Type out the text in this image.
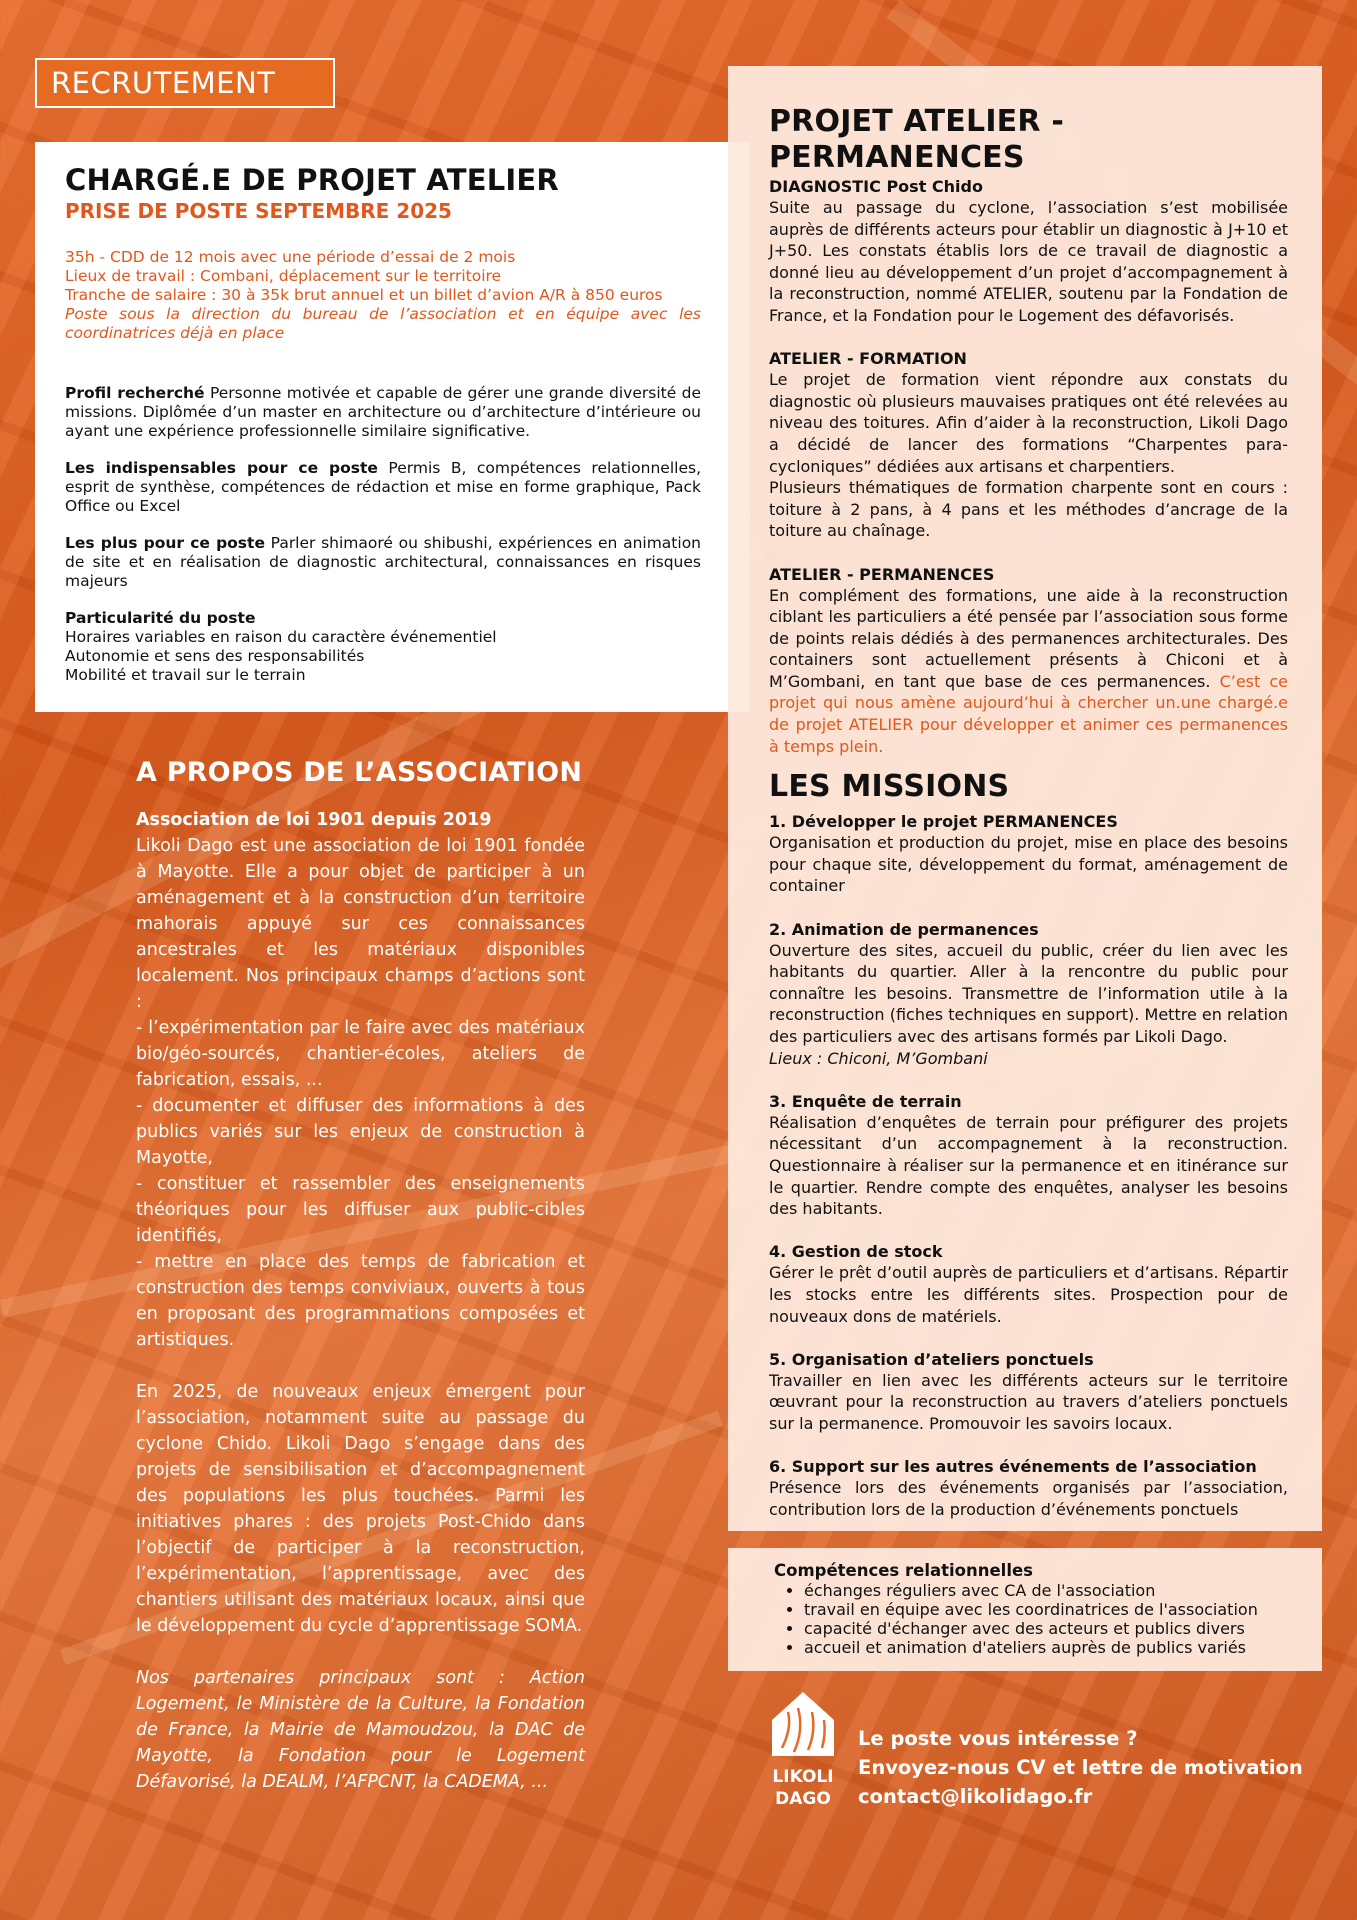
RECRUTEMENT
CHARGÉ.E DE PROJET ATELIER
PRISE DE POSTE SEPTEMBRE 2025
35h - CDD de 12 mois avec une période d’essai de 2 mois
Lieux de travail : Combani, déplacement sur le territoire
Tranche de salaire : 30 à 35k brut annuel et un billet d’avion A/R à 850 euros
Poste sous la direction du bureau de l’association et en équipe avec les coordinatrices déjà en place
Profil recherché Personne motivée et capable de gérer une grande diversité de missions. Diplômée d’un master en architecture ou d’architecture d’intérieure ou ayant une expérience professionnelle similaire significative.
Les indispensables pour ce poste Permis B, compétences relationnelles, esprit de synthèse, compétences de rédaction et mise en forme graphique, Pack Office ou Excel
Les plus pour ce poste Parler shimaoré ou shibushi, expériences en animation de site et en réalisation de diagnostic architectural, connaissances en risques majeurs
Particularité du poste
Horaires variables en raison du caractère événementiel
Autonomie et sens des responsabilités
Mobilité et travail sur le terrain
A PROPOS DE L’ASSOCIATION
Association de loi 1901 depuis 2019

Likoli Dago est une association de loi 1901 fondée à Mayotte. Elle a pour objet de participer à un aménagement et à la construction d’un territoire mahorais appuyé sur ces connaissances ancestrales et les matériaux disponibles localement. Nos principaux champs d’actions sont :

- l’expérimentation par le faire avec des matériaux bio/géo-sourcés, chantier-écoles, ateliers de fabrication, essais, ...

- documenter et diffuser des informations à des publics variés sur les enjeux de construction à Mayotte,

- constituer et rassembler des enseignements théoriques pour les diffuser aux public-cibles identifiés,

- mettre en place des temps de fabrication et construction des temps conviviaux, ouverts à tous en proposant des programmations composées et artistiques.

En 2025, de nouveaux enjeux émergent pour l’association, notamment suite au passage du cyclone Chido. Likoli Dago s’engage dans des projets de sensibilisation et d’accompagnement des populations les plus touchées. Parmi les initiatives phares : des projets Post-Chido dans l’objectif de participer à la reconstruction, l’expérimentation, l’apprentissage, avec des chantiers utilisant des matériaux locaux, ainsi que le développement du cycle d’apprentissage SOMA.

Nos partenaires principaux sont : Action Logement, le Ministère de la Culture, la Fondation de France, la Mairie de Mamoudzou, la DAC de Mayotte, la Fondation pour le Logement Défavorisé, la DEALM, l’AFPCNT, la CADEMA, ...

PROJET ATELIER - PERMANENCES
DIAGNOSTIC Post Chido
Suite au passage du cyclone, l’association s’est mobilisée auprès de différents acteurs pour établir un diagnostic à J+10 et J+50. Les constats établis lors de ce travail de diagnostic a donné lieu au développement d’un projet d’accompagnement à la reconstruction, nommé ATELIER, soutenu par la Fondation de France, et la Fondation pour le Logement des défavorisés.
ATELIER - FORMATION
Le projet de formation vient répondre aux constats du diagnostic où plusieurs mauvaises pratiques ont été relevées au niveau des toitures. Afin d’aider à la reconstruction, Likoli Dago a décidé de lancer des formations “Charpentes para-cycloniques” dédiées aux artisans et charpentiers.
Plusieurs thématiques de formation charpente sont en cours : toiture à 2 pans, à 4 pans et les méthodes d’ancrage de la toiture au chaînage.
ATELIER - PERMANENCES
En complément des formations, une aide à la reconstruction ciblant les particuliers a été pensée par l’association sous forme de points relais dédiés à des permanences architecturales. Des containers sont actuellement présents à Chiconi et à M’Gombani, en tant que base de ces permanences. C’est ce projet qui nous amène aujourd’hui à chercher un.une chargé.e de projet ATELIER pour développer et animer ces permanences à temps plein.
LES MISSIONS
1. Développer le projet PERMANENCES
Organisation et production du projet, mise en place des besoins pour chaque site, développement du format, aménagement de container
2. Animation de permanences
Ouverture des sites, accueil du public, créer du lien avec les habitants du quartier. Aller à la rencontre du public pour connaître les besoins. Transmettre de l’information utile à la reconstruction (fiches techniques en support). Mettre en relation des particuliers avec des artisans formés par Likoli Dago.
Lieux : Chiconi, M’Gombani
3. Enquête de terrain
Réalisation d’enquêtes de terrain pour préfigurer des projets nécessitant d’un accompagnement à la reconstruction. Questionnaire à réaliser sur la permanence et en itinérance sur le quartier. Rendre compte des enquêtes, analyser les besoins des habitants.
4. Gestion de stock
Gérer le prêt d’outil auprès de particuliers et d’artisans. Répartir les stocks entre les différents sites. Prospection pour de nouveaux dons de matériels.
5. Organisation d’ateliers ponctuels
Travailler en lien avec les différents acteurs sur le territoire œuvrant pour la reconstruction au travers d’ateliers ponctuels sur la permanence. Promouvoir les savoirs locaux.
6. Support sur les autres événements de l’association
Présence lors des événements organisés par l’association, contribution lors de la production d’événements ponctuels
Compétences relationnelles
• échanges réguliers avec CA de l'association
• travail en équipe avec les coordinatrices de l'association
• capacité d'échanger avec des acteurs et publics divers
• accueil et animation d'ateliers auprès de publics variés
LIKOLI
DAGO
Le poste vous intéresse ?
Envoyez-nous CV et lettre de motivation
contact@likolidago.fr
